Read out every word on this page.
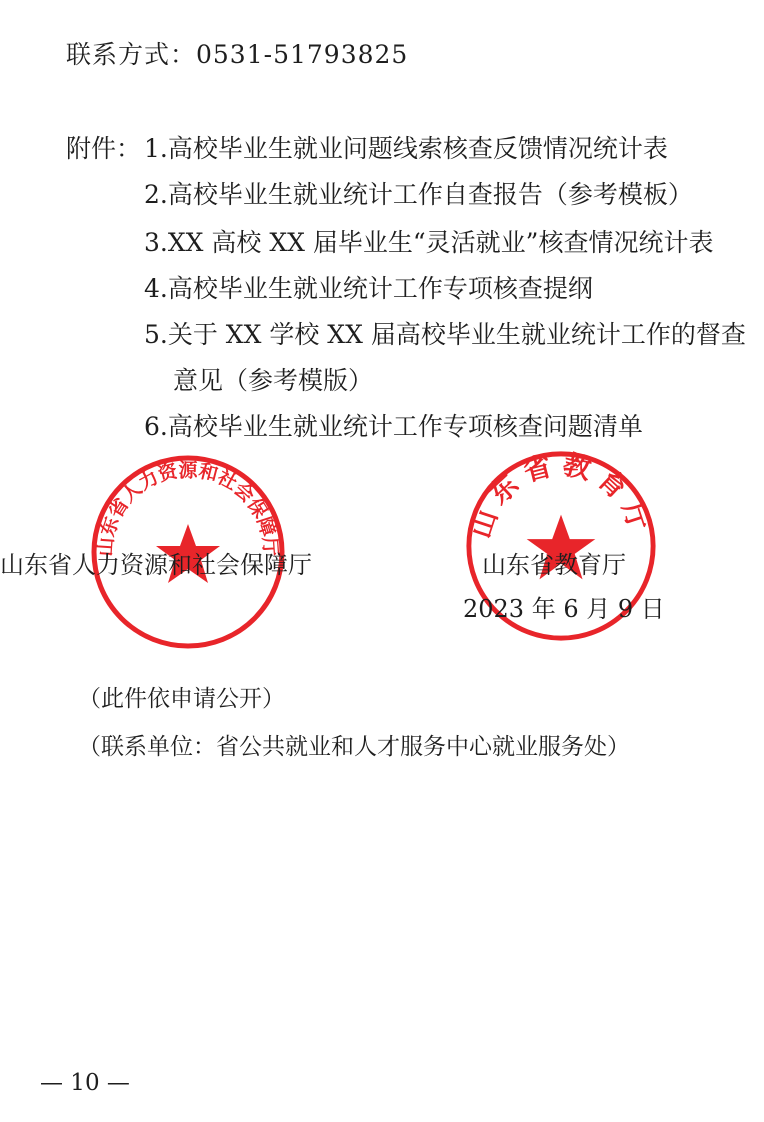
联系方式：0531-51793825
附件： 1.高校毕业生就业问题线索核查反馈情况统计表
2.高校毕业生就业统计工作自查报告（参考模板）
3.XX 高校 XX 届毕业生“灵活就业”核查情况统计表
4.高校毕业生就业统计工作专项核查提纲
5.关于 XX 学校 XX 届高校毕业生就业统计工作的督查
意见（参考模版）
6.高校毕业生就业统计工作专项核查问题清单
山东省人力资源和社会保障厅
山东省教育厅
山东省人力资源和社会保障厅	山东省教育厅
2023 年 6 月 9 日
（此件依申请公开）
（联系单位：省公共就业和人才服务中心就业服务处）
— 10 —
